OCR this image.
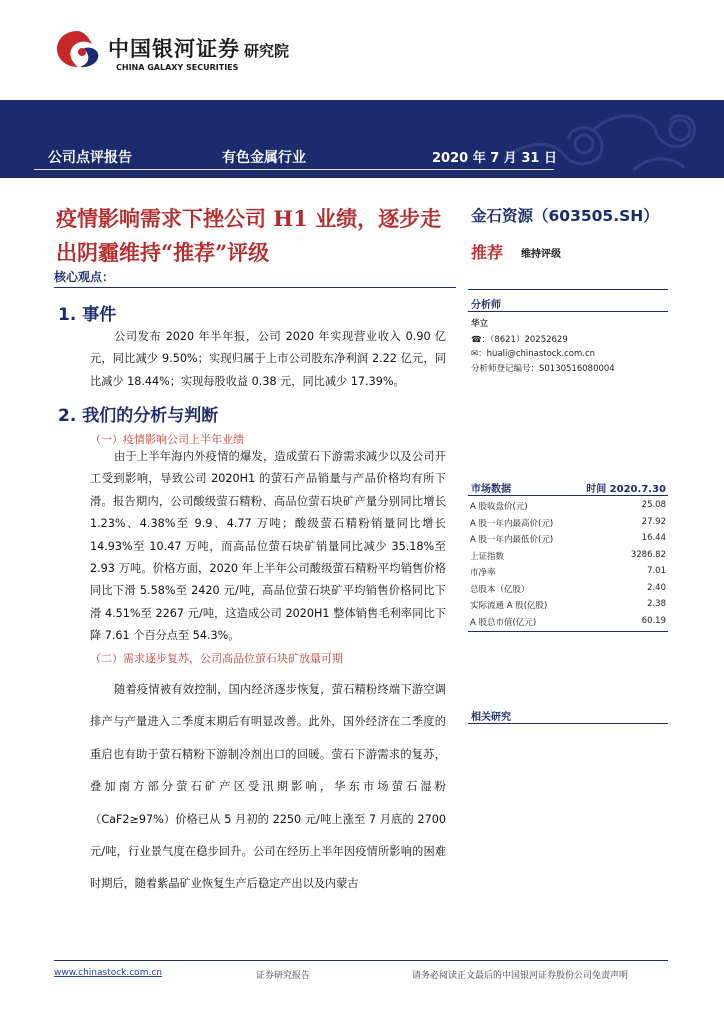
中国银河证券
CHINA GALAXY SECURITIES
研究院
公司点评报告	有色金属行业	2020 年 7 月 31 日
疫情影响需求下挫公司 H1 业绩，逐步走
出阴霾维持“推荐”评级
核心观点：
1. 事件
公司发布 2020 年半年报，公司 2020 年实现营业收入 0.90 亿元，同比减少 9.50%；实现归属于上市公司股东净利润 2.22 亿元，同比减少 18.44%；实现每股收益 0.38 元，同比减少 17.39%。
2. 我们的分析与判断
（一）疫情影响公司上半年业绩
由于上半年海内外疫情的爆发，造成萤石下游需求减少以及公司开工受到影响，导致公司 2020H1 的萤石产品销量与产品价格均有所下滑。报告期内，公司酸级萤石精粉、高品位萤石块矿产量分别同比增长 1.23%、4.38%至 9.9、4.77 万吨；酸级萤石精粉销量同比增长 14.93%至 10.47 万吨，而高品位萤石块矿销量同比减少 35.18%至 2.93 万吨。价格方面，2020 年上半年公司酸级萤石精粉平均销售价格同比下滑 5.58%至 2420 元/吨，高品位萤石块矿平均销售价格同比下滑 4.51%至 2267 元/吨，这造成公司 2020H1 整体销售毛利率同比下降 7.61 个百分点至 54.3%。
（二）需求逐步复苏，公司高品位萤石块矿放量可期
随着疫情被有效控制，国内经济逐步恢复，萤石精粉终端下游空调排产与产量进入二季度末期后有明显改善。此外，国外经济在二季度的重启也有助于萤石精粉下游制冷剂出口的回暖。萤石下游需求的复苏，叠加南方部分萤石矿产区受汛期影响，华东市场萤石湿粉（CaF2≥97%）价格已从 5 月初的 2250 元/吨上涨至 7 月底的 2700 元/吨，行业景气度在稳步回升。公司在经历上半年因疫情所影响的困难时期后，随着紫晶矿业恢复生产后稳定产出以及内蒙古
金石资源（603505.SH）
推荐 维持评级
分析师
华立
☎：（8621）20252629
✉：huali@chinastock.com.cn
分析师登记编号：S0130516080004
市场数据	时间 2020.7.30
A 股收盘价(元)	25.08
A 股一年内最高价(元)	27.92
A 股一年内最低价(元)	16.44
上证指数	3286.82
市净率	7.01
总股本（亿股）	2.40
实际流通 A 股(亿股)	2.38
A 股总市值(亿元)	60.19
相关研究
www.chinastock.com.cn	证券研究报告	请务必阅读正文最后的中国银河证券股份公司免责声明
